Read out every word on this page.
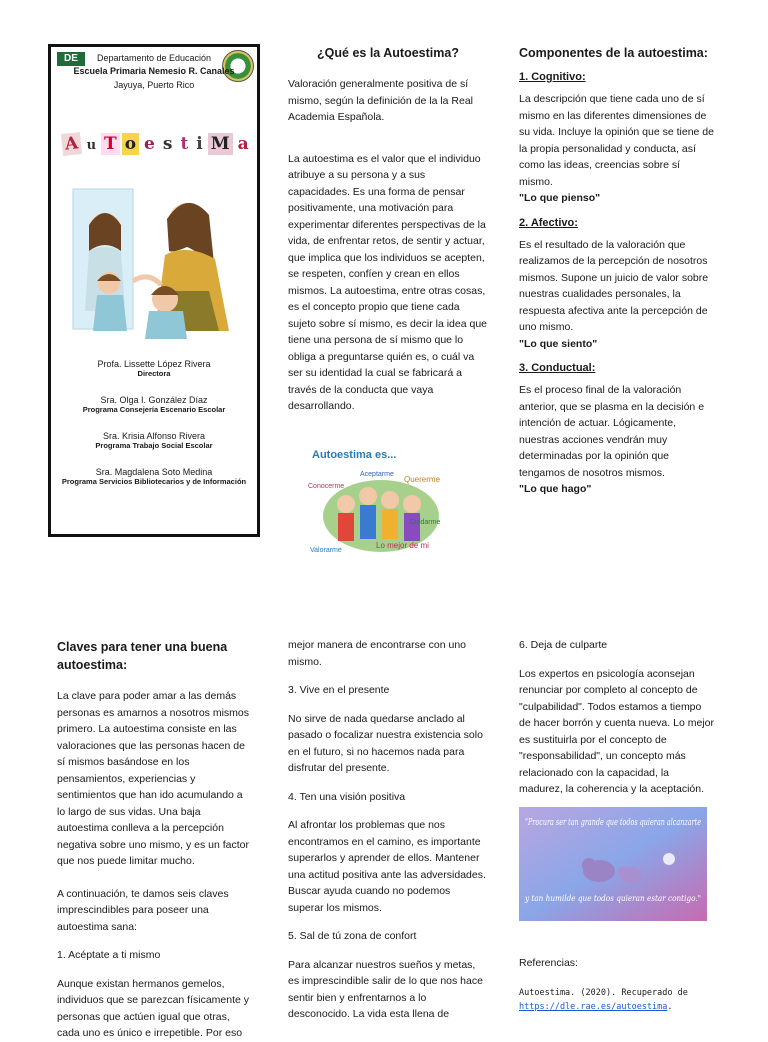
DE	Departamento de Educación
Escuela Primaria Nemesio R. Canales
Jayuya, Puerto Rico
A u T o e s t i M a
Profa. Lissette López Rivera
Directora
Sra. Olga I. González Díaz
Programa Consejería Escenario Escolar
Sra. Krisia Alfonso Rivera
Programa Trabajo Social Escolar
Sra. Magdalena Soto Medina
Programa Servicios Bibliotecarios y de Información
¿Qué es la Autoestima?

Valoración generalmente positiva de sí mismo, según la definición de la la Real Academia Española.

La autoestima es el valor que el individuo atribuye a su persona y a sus capacidades. Es una forma de pensar positivamente, una motivación para experimentar diferentes perspectivas de la vida, de enfrentar retos, de sentir y actuar, que implica que los individuos se acepten, se respeten, confíen y crean en ellos mismos. La autoestima, entre otras cosas, es el concepto propio que tiene cada sujeto sobre sí mismo, es decir la idea que tiene una persona de sí mismo que lo obliga a preguntarse quién es, o cuál va ser su identidad la cual se fabricará a través de la conducta que vaya desarrollando.

Autoestima es...
Conocerme
Aceptarme
Quererme
Cuidarme
Valorarme
Lo mejor de mi
Componentes de la autoestima:
1. Cognitivo:

La descripción que tiene cada uno de sí mismo en las diferentes dimensiones de su vida. Incluye la opinión que se tiene de la propia personalidad y conducta, así como las ideas, creencias sobre sí mismo.

"Lo que pienso"

2. Afectivo:

Es el resultado de la valoración que realizamos de la percepción de nosotros mismos. Supone un juicio de valor sobre nuestras cualidades personales, la respuesta afectiva ante la percepción de uno mismo.

"Lo que siento"

3. Conductual:

Es el proceso final de la valoración anterior, que se plasma en la decisión e intención de actuar. Lógicamente, nuestras acciones vendrán muy determinadas por la opinión que tengamos de nosotros mismos.

"Lo que hago"

Claves para tener una buena autoestima:

La clave para poder amar a las demás personas es amarnos a nosotros mismos primero. La autoestima consiste en las valoraciones que las personas hacen de sí mismos basándose en los pensamientos, experiencias y sentimientos que han ido acumulando a lo largo de sus vidas. Una baja autoestima conlleva a la percepción negativa sobre uno mismo, y es un factor que nos puede limitar mucho.

A continuación, te damos seis claves imprescindibles para poseer una autoestima sana:

1. Acéptate a ti mismo

Aunque existan hermanos gemelos, individuos que se parezcan físicamente y personas que actúen igual que otras, cada uno es único e irrepetible. Por eso

mejor manera de encontrarse con uno mismo.

3. Vive en el presente

No sirve de nada quedarse anclado al pasado o focalizar nuestra existencia solo en el futuro, si no hacemos nada para disfrutar del presente.

4. Ten una visión positiva

Al afrontar los problemas que nos encontramos en el camino, es importante superarlos y aprender de ellos. Mantener una actitud positiva ante las adversidades. Buscar ayuda cuando no podemos superar los mismos.

5. Sal de tú zona de confort

Para alcanzar nuestros sueños y metas, es imprescindible salir de lo que nos hace sentir bien y enfrentarnos a lo desconocido. La vida esta llena de

6. Deja de culparte

Los expertos en psicología aconsejan renunciar por completo al concepto de "culpabilidad". Todos estamos a tiempo de hacer borrón y cuenta nueva. Lo mejor es sustituirla por el concepto de "responsabilidad", un concepto más relacionado con la capacidad, la madurez, la coherencia y la aceptación.

"Procura ser tan grande que todos quieran alcanzarte
y tan humilde que todos quieran estar contigo."

Referencias:

Autoestima. (2020). Recuperado de
https://dle.rae.es/autoestima.
